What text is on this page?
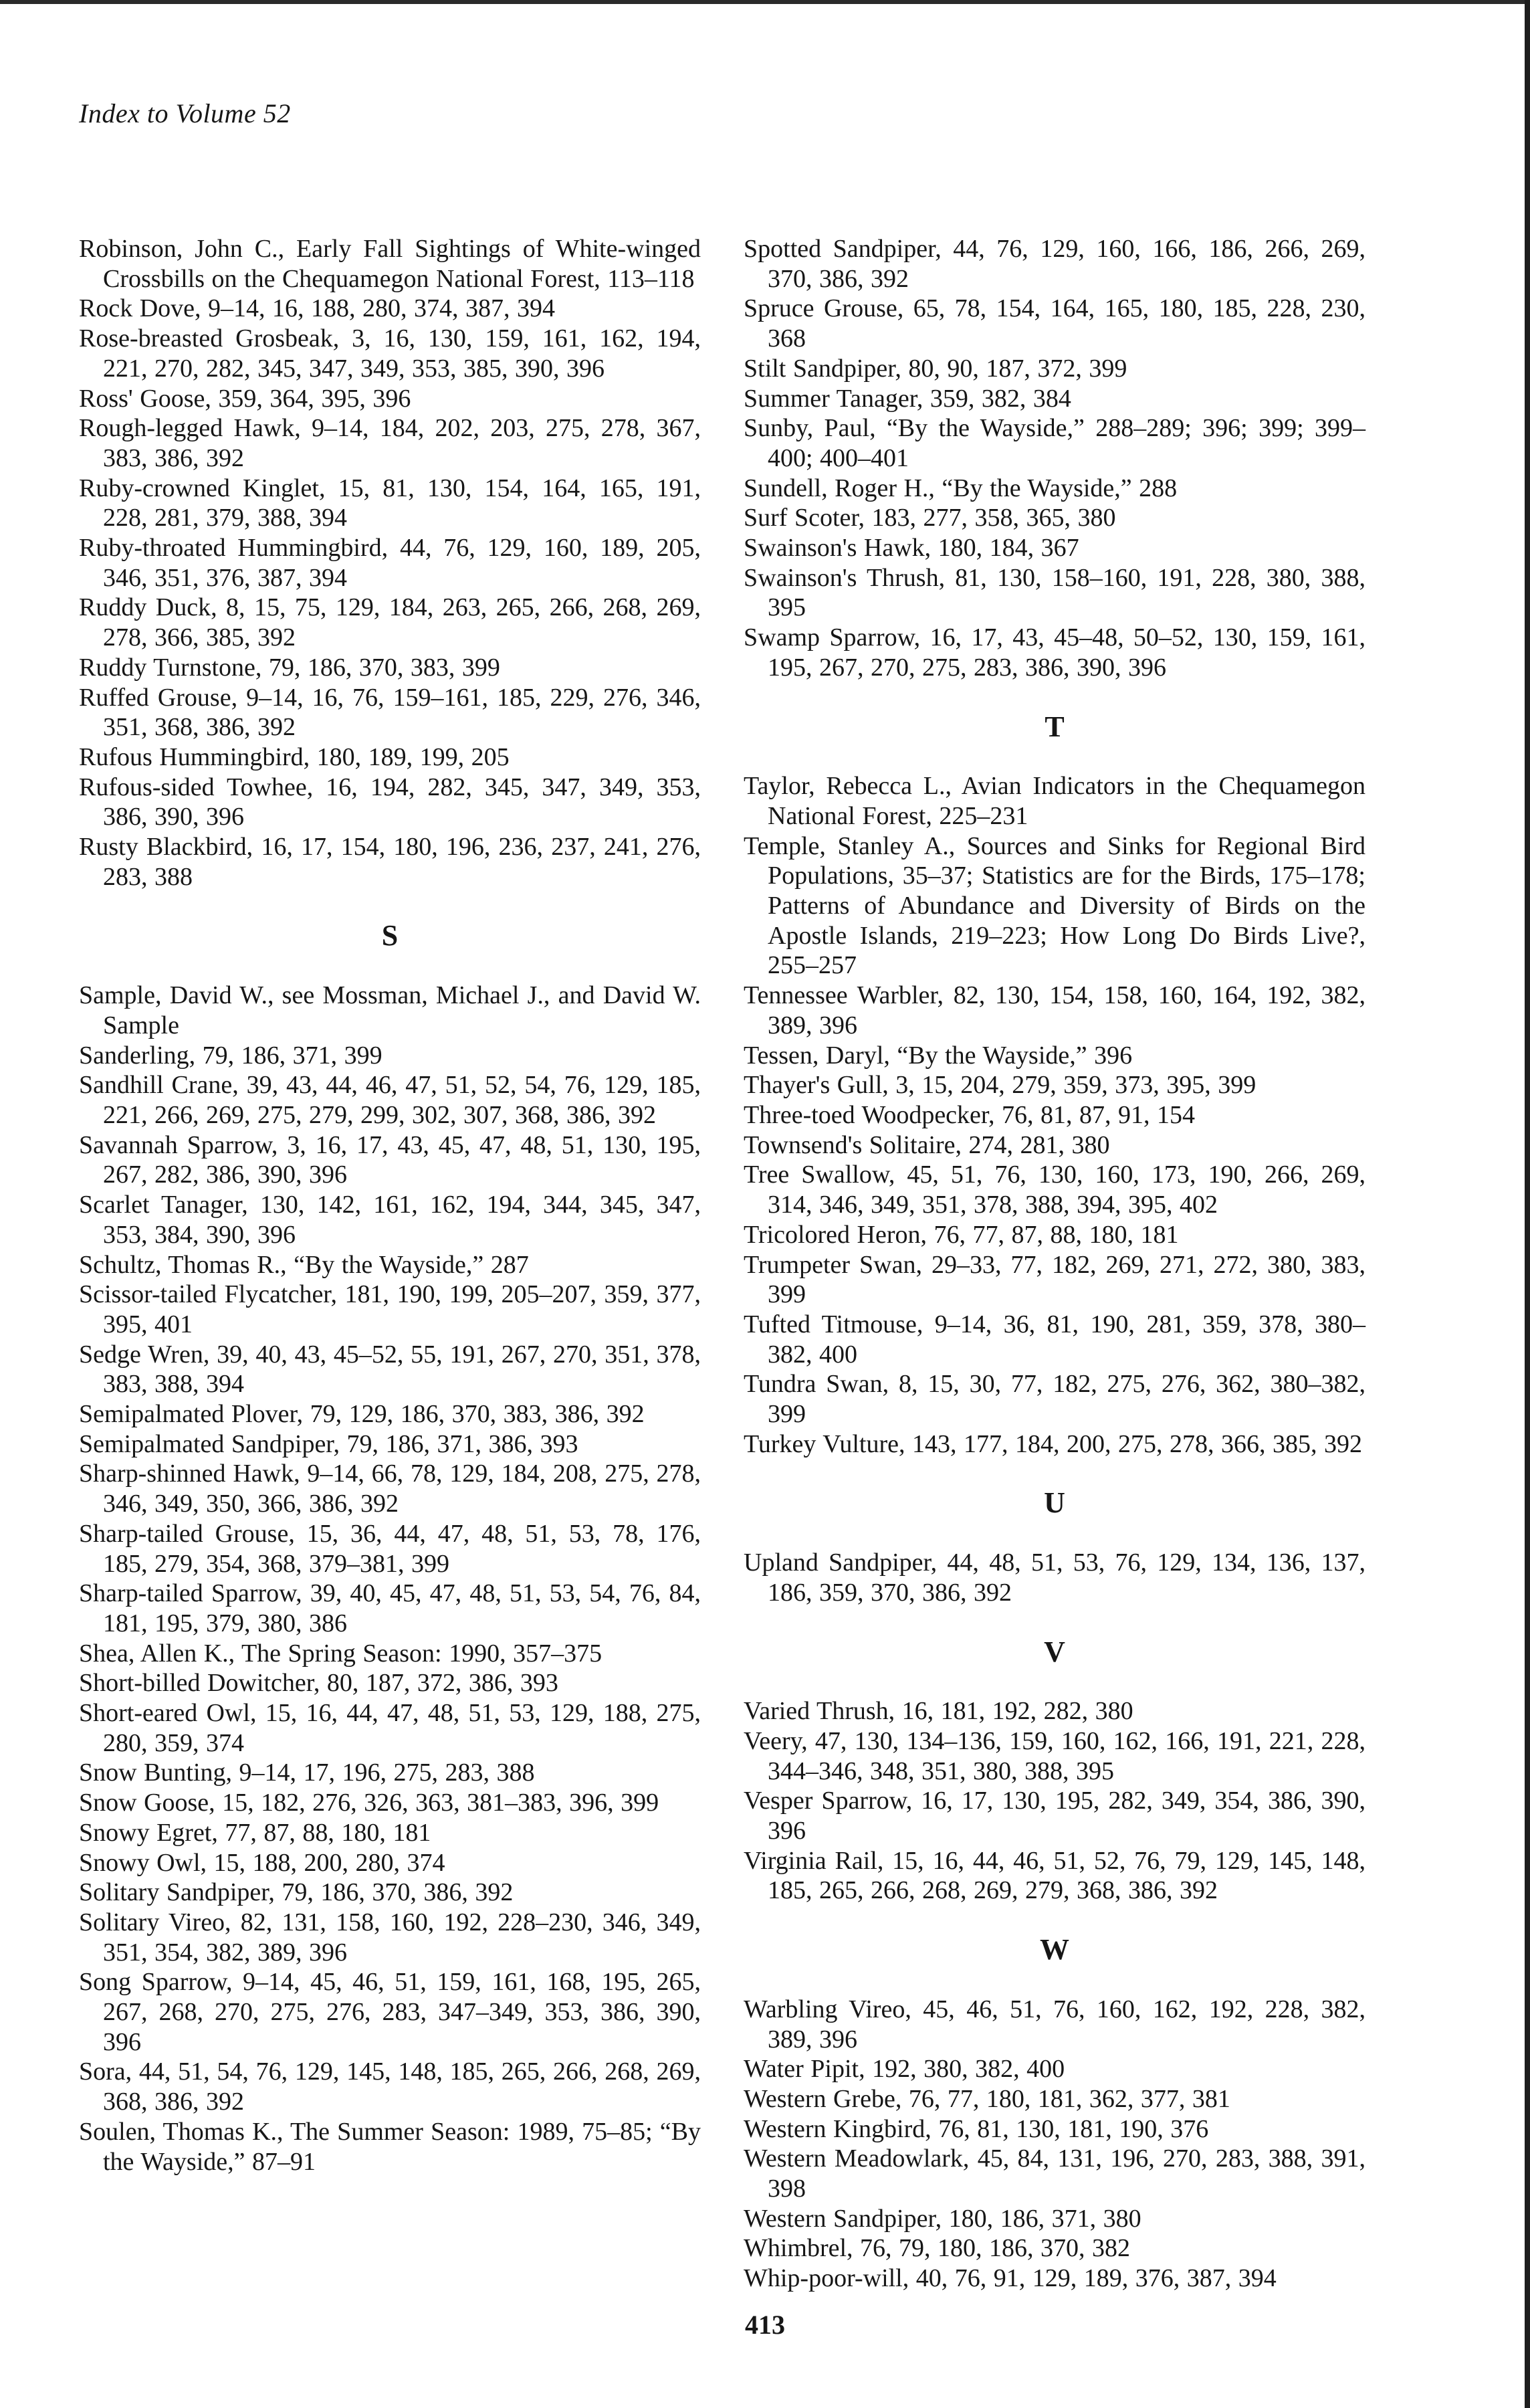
Index to Volume 52
Robinson, John C., Early Fall Sightings of White-winged Crossbills on the Chequamegon National Forest, 113–118
Rock Dove, 9–14, 16, 188, 280, 374, 387, 394
Rose-breasted Grosbeak, 3, 16, 130, 159, 161, 162, 194, 221, 270, 282, 345, 347, 349, 353, 385, 390, 396
Ross' Goose, 359, 364, 395, 396
Rough-legged Hawk, 9–14, 184, 202, 203, 275, 278, 367, 383, 386, 392
Ruby-crowned Kinglet, 15, 81, 130, 154, 164, 165, 191, 228, 281, 379, 388, 394
Ruby-throated Hummingbird, 44, 76, 129, 160, 189, 205, 346, 351, 376, 387, 394
Ruddy Duck, 8, 15, 75, 129, 184, 263, 265, 266, 268, 269, 278, 366, 385, 392
Ruddy Turnstone, 79, 186, 370, 383, 399
Ruffed Grouse, 9–14, 16, 76, 159–161, 185, 229, 276, 346, 351, 368, 386, 392
Rufous Hummingbird, 180, 189, 199, 205
Rufous-sided Towhee, 16, 194, 282, 345, 347, 349, 353, 386, 390, 396
Rusty Blackbird, 16, 17, 154, 180, 196, 236, 237, 241, 276, 283, 388
S
Sample, David W., see Mossman, Michael J., and David W. Sample
Sanderling, 79, 186, 371, 399
Sandhill Crane, 39, 43, 44, 46, 47, 51, 52, 54, 76, 129, 185, 221, 266, 269, 275, 279, 299, 302, 307, 368, 386, 392
Savannah Sparrow, 3, 16, 17, 43, 45, 47, 48, 51, 130, 195, 267, 282, 386, 390, 396
Scarlet Tanager, 130, 142, 161, 162, 194, 344, 345, 347, 353, 384, 390, 396
Schultz, Thomas R., “By the Wayside,” 287
Scissor-tailed Flycatcher, 181, 190, 199, 205–207, 359, 377, 395, 401
Sedge Wren, 39, 40, 43, 45–52, 55, 191, 267, 270, 351, 378, 383, 388, 394
Semipalmated Plover, 79, 129, 186, 370, 383, 386, 392
Semipalmated Sandpiper, 79, 186, 371, 386, 393
Sharp-shinned Hawk, 9–14, 66, 78, 129, 184, 208, 275, 278, 346, 349, 350, 366, 386, 392
Sharp-tailed Grouse, 15, 36, 44, 47, 48, 51, 53, 78, 176, 185, 279, 354, 368, 379–381, 399
Sharp-tailed Sparrow, 39, 40, 45, 47, 48, 51, 53, 54, 76, 84, 181, 195, 379, 380, 386
Shea, Allen K., The Spring Season: 1990, 357–375
Short-billed Dowitcher, 80, 187, 372, 386, 393
Short-eared Owl, 15, 16, 44, 47, 48, 51, 53, 129, 188, 275, 280, 359, 374
Snow Bunting, 9–14, 17, 196, 275, 283, 388
Snow Goose, 15, 182, 276, 326, 363, 381–383, 396, 399
Snowy Egret, 77, 87, 88, 180, 181
Snowy Owl, 15, 188, 200, 280, 374
Solitary Sandpiper, 79, 186, 370, 386, 392
Solitary Vireo, 82, 131, 158, 160, 192, 228–230, 346, 349, 351, 354, 382, 389, 396
Song Sparrow, 9–14, 45, 46, 51, 159, 161, 168, 195, 265, 267, 268, 270, 275, 276, 283, 347–349, 353, 386, 390, 396
Sora, 44, 51, 54, 76, 129, 145, 148, 185, 265, 266, 268, 269, 368, 386, 392
Soulen, Thomas K., The Summer Season: 1989, 75–85; “By the Wayside,” 87–91
Spotted Sandpiper, 44, 76, 129, 160, 166, 186, 266, 269, 370, 386, 392
Spruce Grouse, 65, 78, 154, 164, 165, 180, 185, 228, 230, 368
Stilt Sandpiper, 80, 90, 187, 372, 399
Summer Tanager, 359, 382, 384
Sunby, Paul, “By the Wayside,” 288–289; 396; 399; 399–400; 400–401
Sundell, Roger H., “By the Wayside,” 288
Surf Scoter, 183, 277, 358, 365, 380
Swainson's Hawk, 180, 184, 367
Swainson's Thrush, 81, 130, 158–160, 191, 228, 380, 388, 395
Swamp Sparrow, 16, 17, 43, 45–48, 50–52, 130, 159, 161, 195, 267, 270, 275, 283, 386, 390, 396
T
Taylor, Rebecca L., Avian Indicators in the Chequamegon National Forest, 225–231
Temple, Stanley A., Sources and Sinks for Regional Bird Populations, 35–37; Statistics are for the Birds, 175–178; Patterns of Abundance and Diversity of Birds on the Apostle Islands, 219–223; How Long Do Birds Live?, 255–257
Tennessee Warbler, 82, 130, 154, 158, 160, 164, 192, 382, 389, 396
Tessen, Daryl, “By the Wayside,” 396
Thayer's Gull, 3, 15, 204, 279, 359, 373, 395, 399
Three-toed Woodpecker, 76, 81, 87, 91, 154
Townsend's Solitaire, 274, 281, 380
Tree Swallow, 45, 51, 76, 130, 160, 173, 190, 266, 269, 314, 346, 349, 351, 378, 388, 394, 395, 402
Tricolored Heron, 76, 77, 87, 88, 180, 181
Trumpeter Swan, 29–33, 77, 182, 269, 271, 272, 380, 383, 399
Tufted Titmouse, 9–14, 36, 81, 190, 281, 359, 378, 380–382, 400
Tundra Swan, 8, 15, 30, 77, 182, 275, 276, 362, 380–382, 399
Turkey Vulture, 143, 177, 184, 200, 275, 278, 366, 385, 392
U
Upland Sandpiper, 44, 48, 51, 53, 76, 129, 134, 136, 137, 186, 359, 370, 386, 392
V
Varied Thrush, 16, 181, 192, 282, 380
Veery, 47, 130, 134–136, 159, 160, 162, 166, 191, 221, 228, 344–346, 348, 351, 380, 388, 395
Vesper Sparrow, 16, 17, 130, 195, 282, 349, 354, 386, 390, 396
Virginia Rail, 15, 16, 44, 46, 51, 52, 76, 79, 129, 145, 148, 185, 265, 266, 268, 269, 279, 368, 386, 392
W
Warbling Vireo, 45, 46, 51, 76, 160, 162, 192, 228, 382, 389, 396
Water Pipit, 192, 380, 382, 400
Western Grebe, 76, 77, 180, 181, 362, 377, 381
Western Kingbird, 76, 81, 130, 181, 190, 376
Western Meadowlark, 45, 84, 131, 196, 270, 283, 388, 391, 398
Western Sandpiper, 180, 186, 371, 380
Whimbrel, 76, 79, 180, 186, 370, 382
Whip-poor-will, 40, 76, 91, 129, 189, 376, 387, 394
413
